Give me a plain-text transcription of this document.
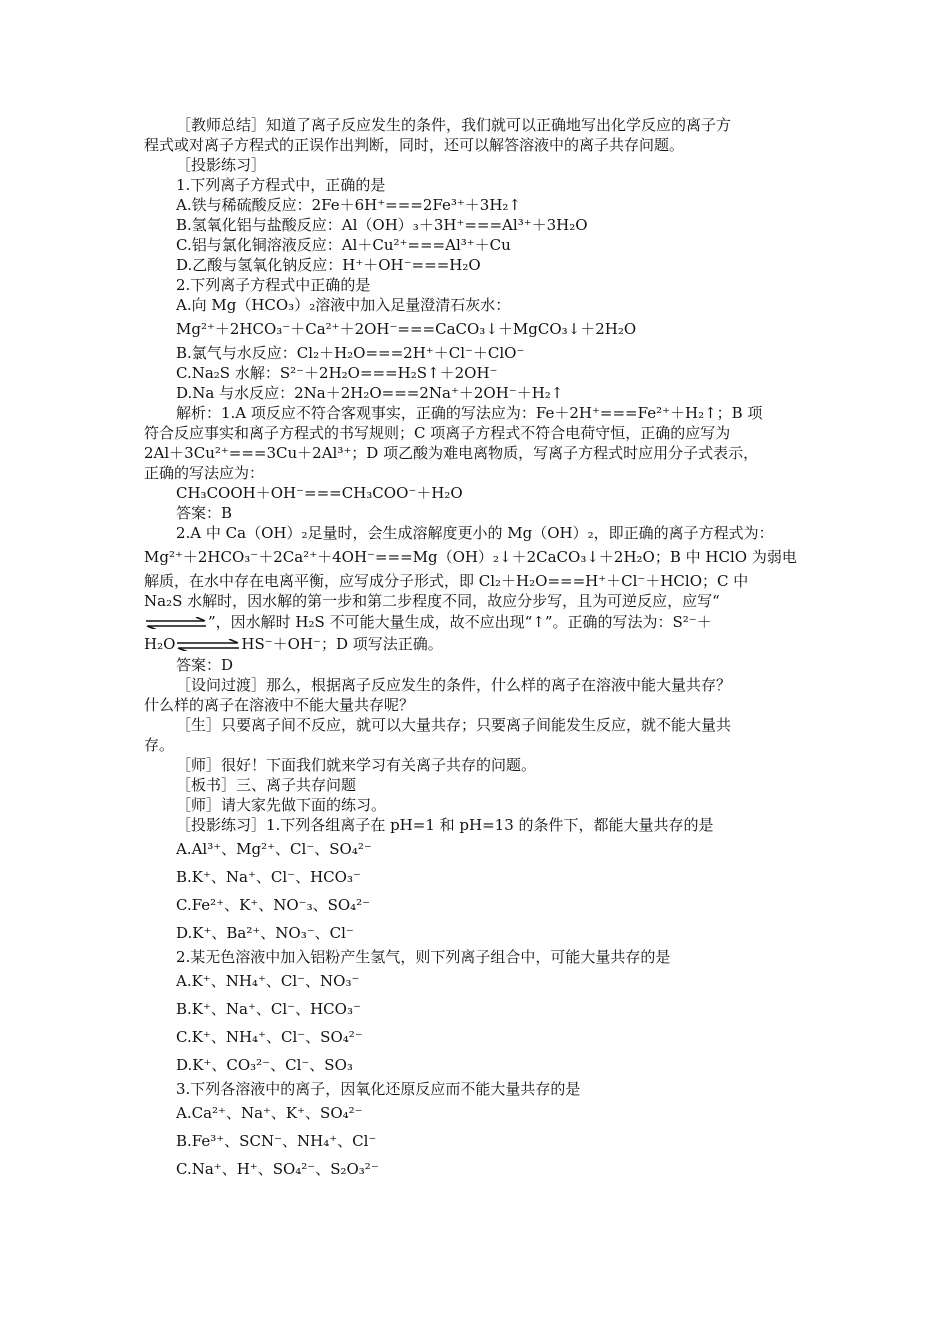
［教师总结］知道了离子反应发生的条件，我们就可以正确地写出化学反应的离子方
程式或对离子方程式的正误作出判断，同时，还可以解答溶液中的离子共存问题。
［投影练习］
1.下列离子方程式中，正确的是
A.铁与稀硫酸反应：2Fe＋6H⁺===2Fe³⁺＋3H₂↑
B.氢氧化铝与盐酸反应：Al（OH）₃＋3H⁺===Al³⁺＋3H₂O
C.铝与氯化铜溶液反应：Al＋Cu²⁺===Al³⁺＋Cu
D.乙酸与氢氧化钠反应：H⁺＋OH⁻===H₂O
2.下列离子方程式中正确的是
A.向 Mg（HCO₃）₂溶液中加入足量澄清石灰水：
Mg²⁺＋2HCO₃⁻＋Ca²⁺＋2OH⁻===CaCO₃↓＋MgCO₃↓＋2H₂O
B.氯气与水反应：Cl₂＋H₂O===2H⁺＋Cl⁻＋ClO⁻
C.Na₂S 水解：S²⁻＋2H₂O===H₂S↑＋2OH⁻
D.Na 与水反应：2Na＋2H₂O===2Na⁺＋2OH⁻＋H₂↑
解析：1.A 项反应不符合客观事实，正确的写法应为：Fe＋2H⁺===Fe²⁺＋H₂↑；B 项
符合反应事实和离子方程式的书写规则；C 项离子方程式不符合电荷守恒，正确的应写为
2Al＋3Cu²⁺===3Cu＋2Al³⁺；D 项乙酸为难电离物质，写离子方程式时应用分子式表示，
正确的写法应为：
CH₃COOH＋OH⁻===CH₃COO⁻＋H₂O
答案：B
2.A 中 Ca（OH）₂足量时，会生成溶解度更小的 Mg（OH）₂，即正确的离子方程式为：
Mg²⁺＋2HCO₃⁻＋2Ca²⁺＋4OH⁻===Mg（OH）₂↓＋2CaCO₃↓＋2H₂O；B 中 HClO 为弱电
解质，在水中存在电离平衡，应写成分子形式，即 Cl₂＋H₂O===H⁺＋Cl⁻＋HClO；C 中
Na₂S 水解时，因水解的第一步和第二步程度不同，故应分步写，且为可逆反应，应写“
”，因水解时 H₂S 不可能大量生成，故不应出现“↑”。正确的写法为：S²⁻＋
H₂O	HS⁻＋OH⁻；D 项写法正确。
答案：D
［设问过渡］那么，根据离子反应发生的条件，什么样的离子在溶液中能大量共存？
什么样的离子在溶液中不能大量共存呢？
［生］只要离子间不反应，就可以大量共存；只要离子间能发生反应，就不能大量共
存。
［师］很好！下面我们就来学习有关离子共存的问题。
［板书］三、离子共存问题
［师］请大家先做下面的练习。
［投影练习］1.下列各组离子在 pH=1 和 pH=13 的条件下，都能大量共存的是
A.Al³⁺、Mg²⁺、Cl⁻、SO₄²⁻
B.K⁺、Na⁺、Cl⁻、HCO₃⁻
C.Fe²⁺、K⁺、NO⁻₃、SO₄²⁻
D.K⁺、Ba²⁺、NO₃⁻、Cl⁻
2.某无色溶液中加入铝粉产生氢气，则下列离子组合中，可能大量共存的是
A.K⁺、NH₄⁺、Cl⁻、NO₃⁻
B.K⁺、Na⁺、Cl⁻、HCO₃⁻
C.K⁺、NH₄⁺、Cl⁻、SO₄²⁻
D.K⁺、CO₃²⁻、Cl⁻、SO₃
3.下列各溶液中的离子，因氧化还原反应而不能大量共存的是
A.Ca²⁺、Na⁺、K⁺、SO₄²⁻
B.Fe³⁺、SCN⁻、NH₄⁺、Cl⁻
C.Na⁺、H⁺、SO₄²⁻、S₂O₃²⁻
